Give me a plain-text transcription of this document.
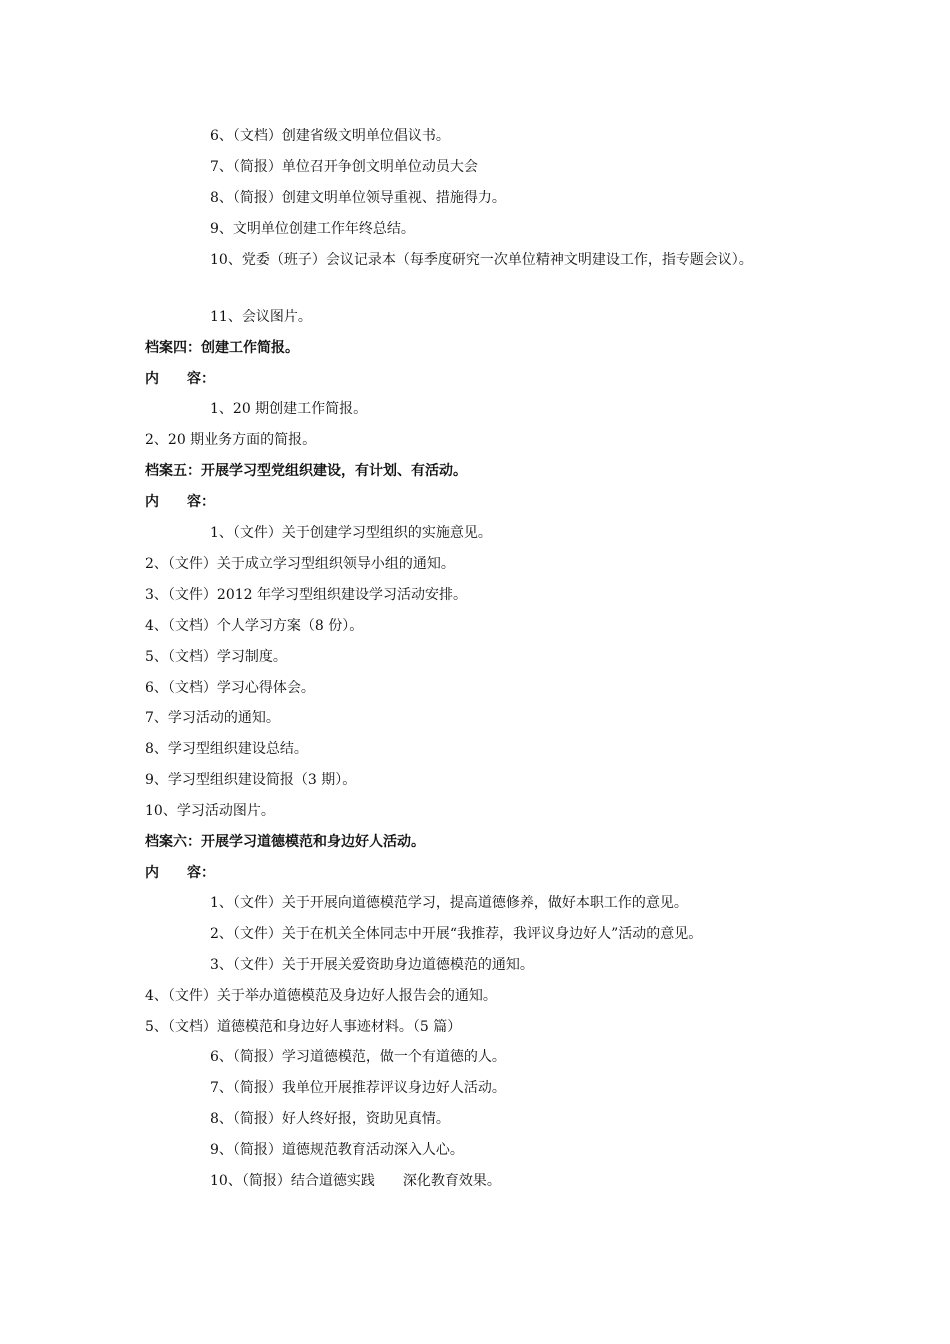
6、（文档）创建省级文明单位倡议书。
7、（简报）单位召开争创文明单位动员大会
8、（简报）创建文明单位领导重视、措施得力。
9、文明单位创建工作年终总结。
10、党委（班子）会议记录本（每季度研究一次单位精神文明建设工作，指专题会议）。
11、会议图片。
档案四：创建工作简报。
内　　容：
1、20 期创建工作简报。
2、20 期业务方面的简报。
档案五：开展学习型党组织建设，有计划、有活动。
内　　容：
1、（文件）关于创建学习型组织的实施意见。
2、（文件）关于成立学习型组织领导小组的通知。
3、（文件）2012 年学习型组织建设学习活动安排。
4、（文档）个人学习方案（8 份）。
5、（文档）学习制度。
6、（文档）学习心得体会。
7、学习活动的通知。
8、学习型组织建设总结。
9、学习型组织建设简报（3 期）。
10、学习活动图片。
档案六：开展学习道德模范和身边好人活动。
内　　容：
1、（文件）关于开展向道德模范学习，提高道德修养，做好本职工作的意见。
2、（文件）关于在机关全体同志中开展“我推荐，我评议身边好人”活动的意见。
3、（文件）关于开展关爱资助身边道德模范的通知。
4、（文件）关于举办道德模范及身边好人报告会的通知。
5、（文档）道德模范和身边好人事迹材料。（5 篇）
6、（简报）学习道德模范，做一个有道德的人。
7、（简报）我单位开展推荐评议身边好人活动。
8、（简报）好人终好报，资助见真情。
9、（简报）道德规范教育活动深入人心。
10、（简报）结合道德实践　　深化教育效果。
